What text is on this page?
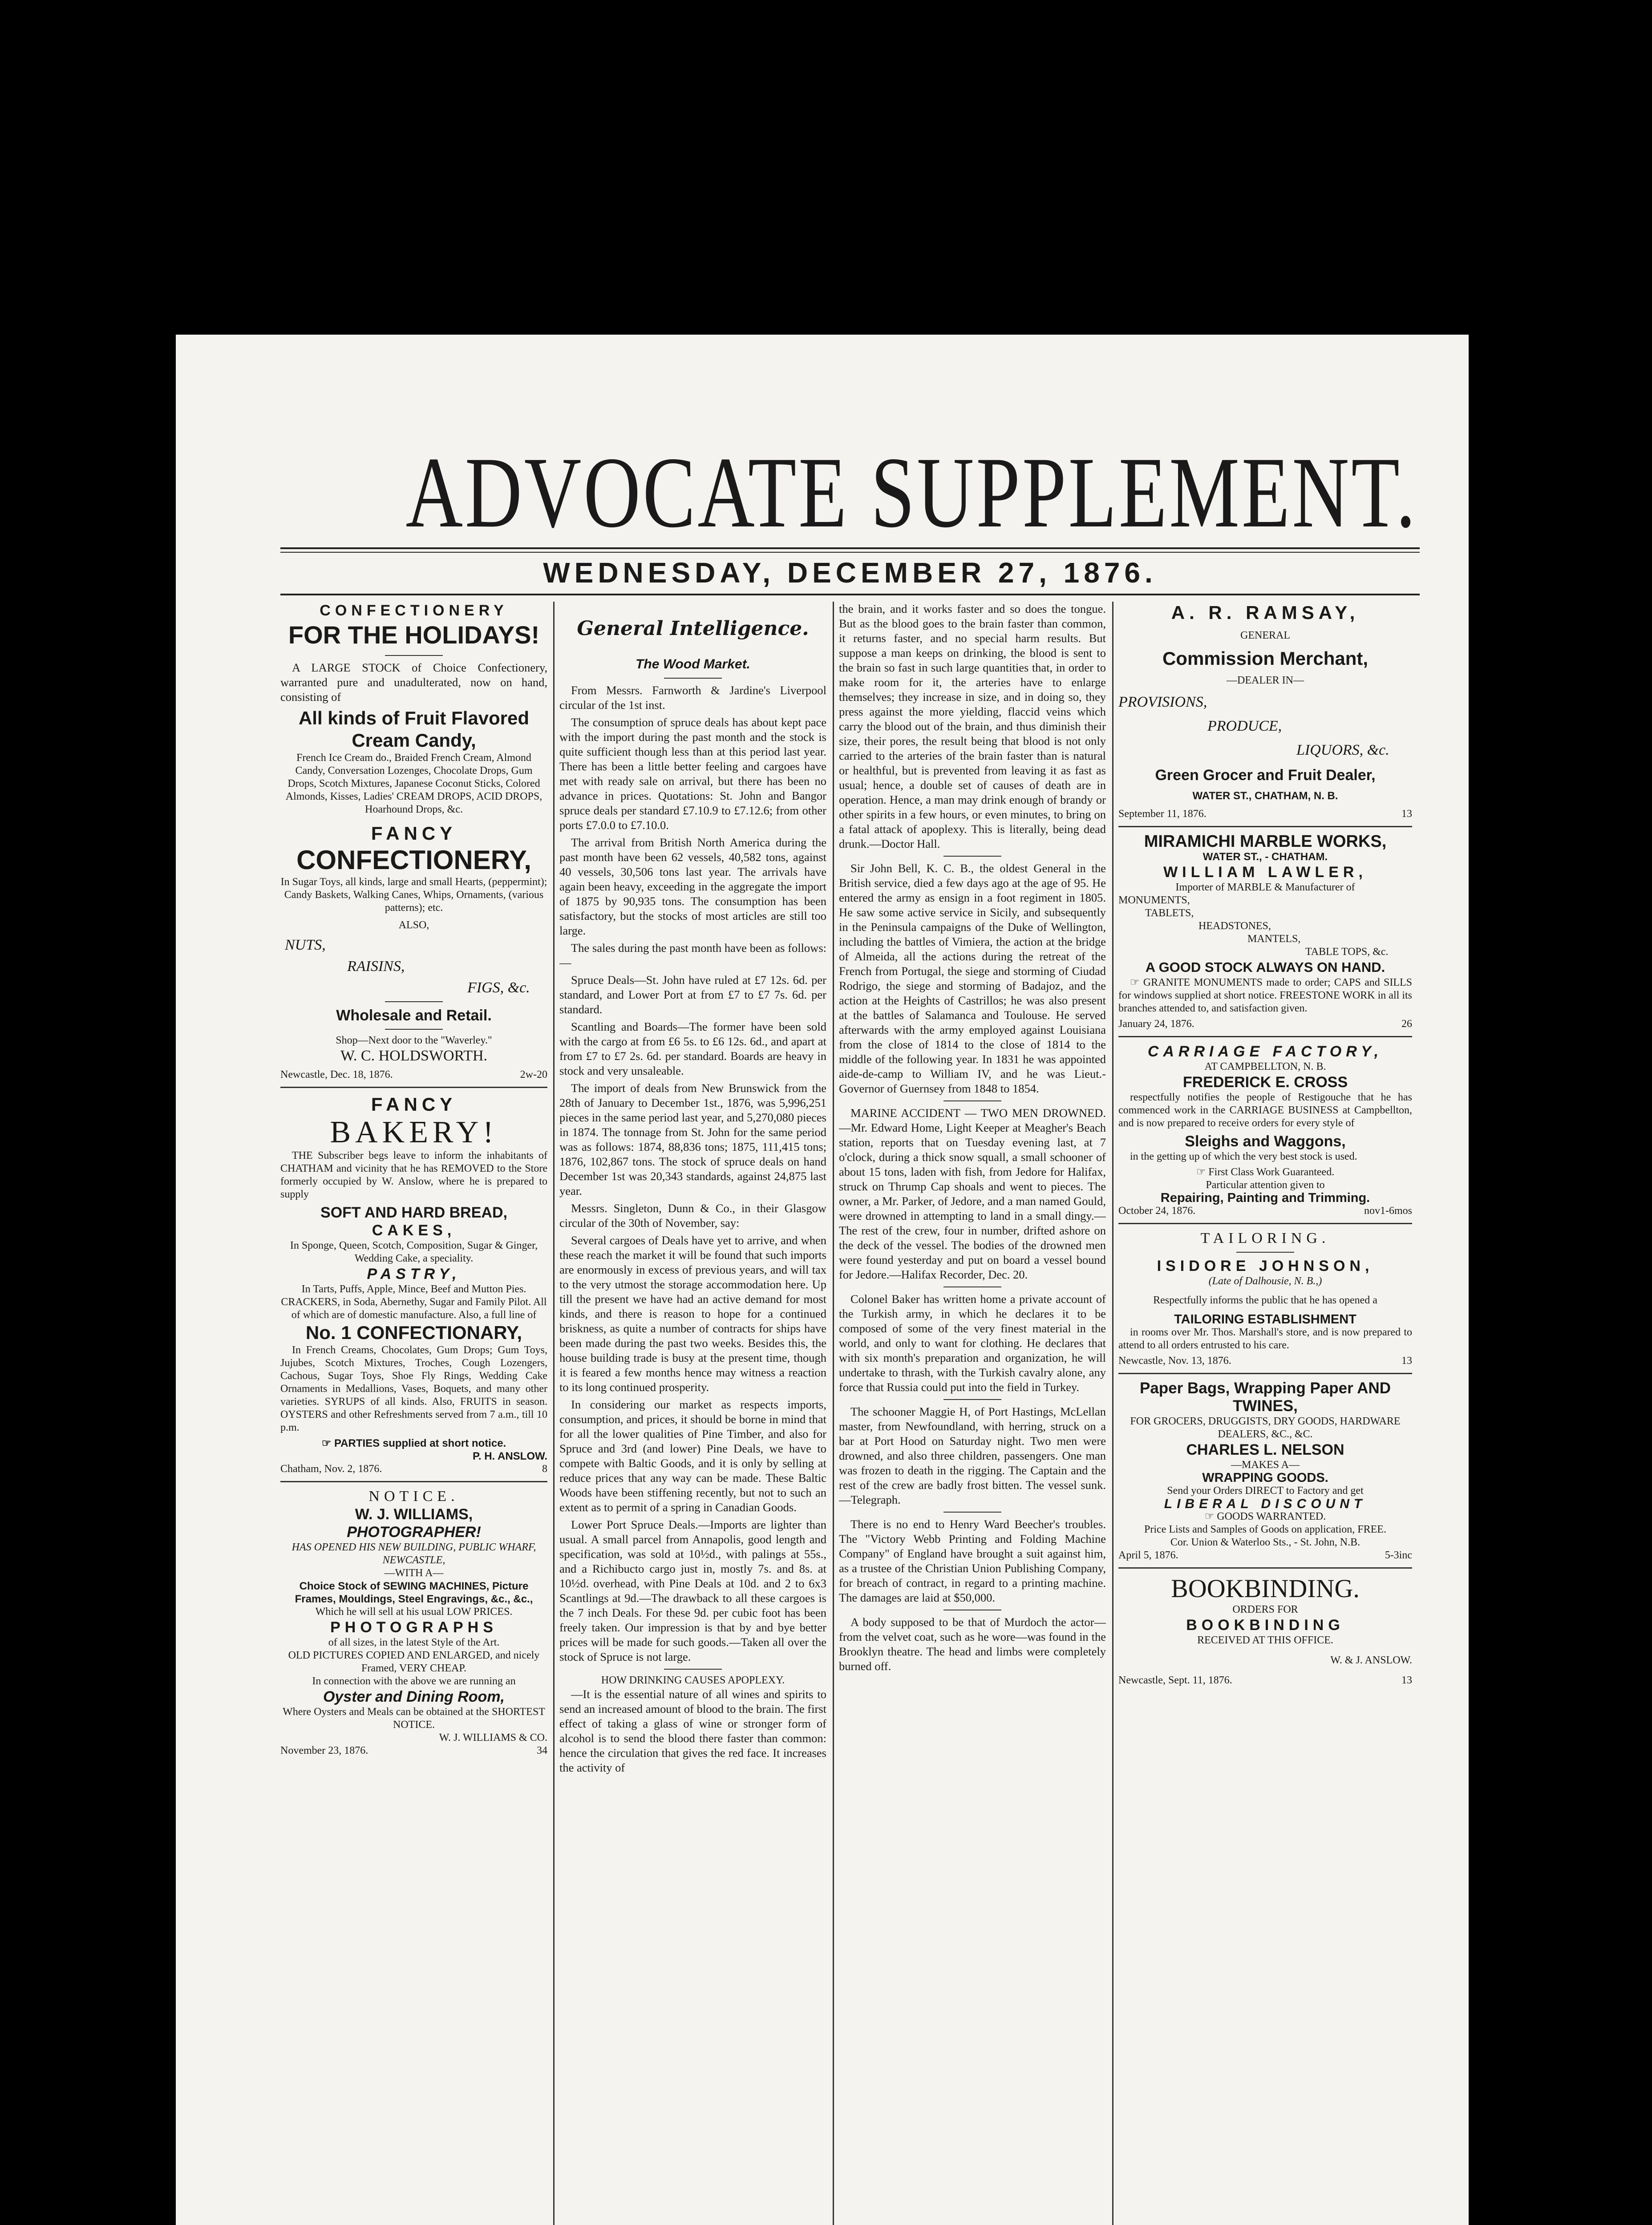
ADVOCATE SUPPLEMENT.
WEDNESDAY, DECEMBER 27, 1876.

CONFECTIONERY

FOR THE HOLIDAYS!

A LARGE STOCK of Choice Confectionery, warranted pure and unadulterated, now on hand, consisting of

All kinds of Fruit Flavored Cream Candy,

French Ice Cream do., Braided French Cream, Almond Candy, Conversation Lozenges, Chocolate Drops, Gum Drops, Scotch Mixtures, Japanese Coconut Sticks, Colored Almonds, Kisses, Ladies' CREAM DROPS, ACID DROPS, Hoarhound Drops, &c.

FANCY

CONFECTIONERY,

In Sugar Toys, all kinds, large and small Hearts, (peppermint); Candy Baskets, Walking Canes, Whips, Ornaments, (various patterns); etc.

ALSO,

NUTS,

RAISINS,

FIGS, &c.

Wholesale and Retail.

Shop—Next door to the "Waverley."

W. C. HOLDSWORTH.

Newcastle, Dec. 18, 1876.	2w-20

FANCY

BAKERY!

THE Subscriber begs leave to inform the inhabitants of CHATHAM and vicinity that he has REMOVED to the Store formerly occupied by W. Anslow, where he is prepared to supply

SOFT AND HARD BREAD,

CAKES,

In Sponge, Queen, Scotch, Composition, Sugar & Ginger, Wedding Cake, a speciality.

PASTRY,

In Tarts, Puffs, Apple, Mince, Beef and Mutton Pies.

CRACKERS, in Soda, Abernethy, Sugar and Family Pilot. All of which are of domestic manufacture. Also, a full line of

No. 1 CONFECTIONARY,

In French Creams, Chocolates, Gum Drops; Gum Toys, Jujubes, Scotch Mixtures, Troches, Cough Lozengers, Cachous, Sugar Toys, Shoe Fly Rings, Wedding Cake Ornaments in Medallions, Vases, Boquets, and many other varieties. SYRUPS of all kinds. Also, FRUITS in season. OYSTERS and other Refreshments served from 7 a.m., till 10 p.m.

☞ PARTIES supplied at short notice.

P. H. ANSLOW.

Chatham, Nov. 2, 1876.	8

NOTICE.

W. J. WILLIAMS,

PHOTOGRAPHER!

HAS OPENED HIS NEW BUILDING, PUBLIC WHARF, NEWCASTLE,

—WITH A—

Choice Stock of SEWING MACHINES, Picture Frames, Mouldings, Steel Engravings, &c., &c.,

Which he will sell at his usual LOW PRICES.

PHOTOGRAPHS

of all sizes, in the latest Style of the Art.

OLD PICTURES COPIED AND ENLARGED, and nicely Framed, VERY CHEAP.

In connection with the above we are running an

Oyster and Dining Room,

Where Oysters and Meals can be obtained at the SHORTEST NOTICE.

W. J. WILLIAMS & CO.

November 23, 1876.	34

General Intelligence.

The Wood Market.

From Messrs. Farnworth & Jardine's Liverpool circular of the 1st inst.

The consumption of spruce deals has about kept pace with the import during the past month and the stock is quite sufficient though less than at this period last year. There has been a little better feeling and cargoes have met with ready sale on arrival, but there has been no advance in prices. Quotations: St. John and Bangor spruce deals per standard £7.10.9 to £7.12.6; from other ports £7.0.0 to £7.10.0.

The arrival from British North America during the past month have been 62 vessels, 40,582 tons, against 40 vessels, 30,506 tons last year. The arrivals have again been heavy, exceeding in the aggregate the import of 1875 by 90,935 tons. The consumption has been satisfactory, but the stocks of most articles are still too large.

The sales during the past month have been as follows:—

Spruce Deals—St. John have ruled at £7 12s. 6d. per standard, and Lower Port at from £7 to £7 7s. 6d. per standard.

Scantling and Boards—The former have been sold with the cargo at from £6 5s. to £6 12s. 6d., and apart at from £7 to £7 2s. 6d. per standard. Boards are heavy in stock and very unsaleable.

The import of deals from New Brunswick from the 28th of January to December 1st., 1876, was 5,996,251 pieces in the same period last year, and 5,270,080 pieces in 1874. The tonnage from St. John for the same period was as follows: 1874, 88,836 tons; 1875, 111,415 tons; 1876, 102,867 tons. The stock of spruce deals on hand December 1st was 20,343 standards, against 24,875 last year.

Messrs. Singleton, Dunn & Co., in their Glasgow circular of the 30th of November, say:

Several cargoes of Deals have yet to arrive, and when these reach the market it will be found that such imports are enormously in excess of previous years, and will tax to the very utmost the storage accommodation here. Up till the present we have had an active demand for most kinds, and there is reason to hope for a continued briskness, as quite a number of contracts for ships have been made during the past two weeks. Besides this, the house building trade is busy at the present time, though it is feared a few months hence may witness a reaction to its long continued prosperity.

In considering our market as respects imports, consumption, and prices, it should be borne in mind that for all the lower qualities of Pine Timber, and also for Spruce and 3rd (and lower) Pine Deals, we have to compete with Baltic Goods, and it is only by selling at reduce prices that any way can be made. These Baltic Woods have been stiffening recently, but not to such an extent as to permit of a spring in Canadian Goods.

Lower Port Spruce Deals.—Imports are lighter than usual. A small parcel from Annapolis, good length and specification, was sold at 10½d., with palings at 55s., and a Richibucto cargo just in, mostly 7s. and 8s. at 10½d. overhead, with Pine Deals at 10d. and 2 to 6x3 Scantlings at 9d.—The drawback to all these cargoes is the 7 inch Deals. For these 9d. per cubic foot has been freely taken. Our impression is that by and bye better prices will be made for such goods.—Taken all over the stock of Spruce is not large.

HOW DRINKING CAUSES APOPLEXY.

—It is the essential nature of all wines and spirits to send an increased amount of blood to the brain. The first effect of taking a glass of wine or stronger form of alcohol is to send the blood there faster than common: hence the circulation that gives the red face. It increases the activity of

the brain, and it works faster and so does the tongue. But as the blood goes to the brain faster than common, it returns faster, and no special harm results. But suppose a man keeps on drinking, the blood is sent to the brain so fast in such large quantities that, in order to make room for it, the arteries have to enlarge themselves; they increase in size, and in doing so, they press against the more yielding, flaccid veins which carry the blood out of the brain, and thus diminish their size, their pores, the result being that blood is not only carried to the arteries of the brain faster than is natural or healthful, but is prevented from leaving it as fast as usual; hence, a double set of causes of death are in operation. Hence, a man may drink enough of brandy or other spirits in a few hours, or even minutes, to bring on a fatal attack of apoplexy. This is literally, being dead drunk.—Doctor Hall.

Sir John Bell, K. C. B., the oldest General in the British service, died a few days ago at the age of 95. He entered the army as ensign in a foot regiment in 1805. He saw some active service in Sicily, and subsequently in the Peninsula campaigns of the Duke of Wellington, including the battles of Vimiera, the action at the bridge of Almeida, all the actions during the retreat of the French from Portugal, the siege and storming of Ciudad Rodrigo, the siege and storming of Badajoz, and the action at the Heights of Castrillos; he was also present at the battles of Salamanca and Toulouse. He served afterwards with the army employed against Louisiana from the close of 1814 to the close of 1814 to the middle of the following year. In 1831 he was appointed aide-de-camp to William IV, and he was Lieut.-Governor of Guernsey from 1848 to 1854.

MARINE ACCIDENT — TWO MEN DROWNED.—Mr. Edward Home, Light Keeper at Meagher's Beach station, reports that on Tuesday evening last, at 7 o'clock, during a thick snow squall, a small schooner of about 15 tons, laden with fish, from Jedore for Halifax, struck on Thrump Cap shoals and went to pieces. The owner, a Mr. Parker, of Jedore, and a man named Gould, were drowned in attempting to land in a small dingy.—The rest of the crew, four in number, drifted ashore on the deck of the vessel. The bodies of the drowned men were found yesterday and put on board a vessel bound for Jedore.—Halifax Recorder, Dec. 20.

Colonel Baker has written home a private account of the Turkish army, in which he declares it to be composed of some of the very finest material in the world, and only to want for clothing. He declares that with six month's preparation and organization, he will undertake to thrash, with the Turkish cavalry alone, any force that Russia could put into the field in Turkey.

The schooner Maggie H, of Port Hastings, McLellan master, from Newfoundland, with herring, struck on a bar at Port Hood on Saturday night. Two men were drowned, and also three children, passengers. One man was frozen to death in the rigging. The Captain and the rest of the crew are badly frost bitten. The vessel sunk.—Telegraph.

There is no end to Henry Ward Beecher's troubles. The "Victory Webb Printing and Folding Machine Company" of England have brought a suit against him, as a trustee of the Christian Union Publishing Company, for breach of contract, in regard to a printing machine. The damages are laid at $50,000.

A body supposed to be that of Murdoch the actor—from the velvet coat, such as he wore—was found in the Brooklyn theatre. The head and limbs were completely burned off.

A. R. RAMSAY,

GENERAL

Commission Merchant,

—DEALER IN—

PROVISIONS,

PRODUCE,

LIQUORS, &c.

Green Grocer and Fruit Dealer,

WATER ST., CHATHAM, N. B.

September 11, 1876.	13

MIRAMICHI MARBLE WORKS,

WATER ST., - CHATHAM.

WILLIAM LAWLER,

Importer of MARBLE & Manufacturer of

MONUMENTS,

TABLETS,

HEADSTONES,

MANTELS,

TABLE TOPS, &c.

A GOOD STOCK ALWAYS ON HAND.

☞ GRANITE MONUMENTS made to order; CAPS and SILLS for windows supplied at short notice. FREESTONE WORK in all its branches attended to, and satisfaction given.

January 24, 1876.	26

CARRIAGE FACTORY,

AT CAMPBELLTON, N. B.

FREDERICK E. CROSS

respectfully notifies the people of Restigouche that he has commenced work in the CARRIAGE BUSINESS at Campbellton, and is now prepared to receive orders for every style of

Sleighs and Waggons,

in the getting up of which the very best stock is used.

☞ First Class Work Guaranteed.

Particular attention given to

Repairing, Painting and Trimming.

October 24, 1876.	nov1-6mos

TAILORING.

ISIDORE JOHNSON,

(Late of Dalhousie, N. B.,)

Respectfully informs the public that he has opened a

TAILORING ESTABLISHMENT

in rooms over Mr. Thos. Marshall's store, and is now prepared to attend to all orders entrusted to his care.

Newcastle, Nov. 13, 1876.	13

Paper Bags, Wrapping Paper AND TWINES,

FOR GROCERS, DRUGGISTS, DRY GOODS, HARDWARE DEALERS, &C., &C.

CHARLES L. NELSON

—MAKES A—

WRAPPING GOODS.

Send your Orders DIRECT to Factory and get

LIBERAL DISCOUNT

☞ GOODS WARRANTED.

Price Lists and Samples of Goods on application, FREE.

Cor. Union & Waterloo Sts., - St. John, N.B.

April 5, 1876.	5-3inc

BOOKBINDING.

ORDERS FOR

BOOKBINDING

RECEIVED AT THIS OFFICE.

W. & J. ANSLOW.

Newcastle, Sept. 11, 1876.	13
